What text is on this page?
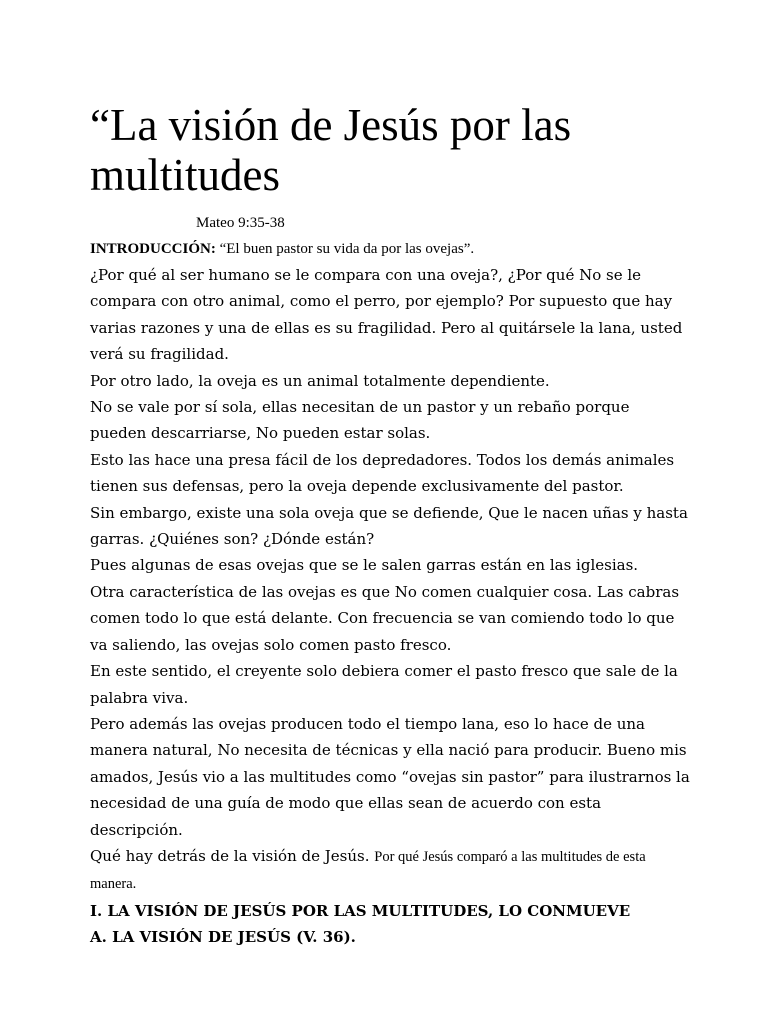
“La visión de Jesús por las multitudes
Mateo 9:35-38
INTRODUCCIÓN: “El buen pastor su vida da por las ovejas”.

¿Por qué al ser humano se le compara con una oveja?, ¿Por qué No se le compara con otro animal, como el perro, por ejemplo? Por supuesto que hay varias razones y una de ellas es su fragilidad. Pero al quitársele la lana, usted verá su fragilidad.

Por otro lado, la oveja es un animal totalmente dependiente.

No se vale por sí sola, ellas necesitan de un pastor y un rebaño porque pueden descarriarse, No pueden estar solas.

Esto las hace una presa fácil de los depredadores. Todos los demás animales tienen sus defensas, pero la oveja depende exclusivamente del pastor.

Sin embargo, existe una sola oveja que se defiende, Que le nacen uñas y hasta garras. ¿Quiénes son? ¿Dónde están?

Pues algunas de esas ovejas que se le salen garras están en las iglesias.

Otra característica de las ovejas es que No comen cualquier cosa. Las cabras comen todo lo que está delante. Con frecuencia se van comiendo todo lo que va saliendo, las ovejas solo comen pasto fresco.

En este sentido, el creyente solo debiera comer el pasto fresco que sale de la palabra viva.

Pero además las ovejas producen todo el tiempo lana, eso lo hace de una manera natural, No necesita de técnicas y ella nació para producir. Bueno mis amados, Jesús vio a las multitudes como “ovejas sin pastor” para ilustrarnos la necesidad de una guía de modo que ellas sean de acuerdo con esta descripción.

Qué hay detrás de la visión de Jesús. Por qué Jesús comparó a las multitudes de esta manera.

I. LA VISIÓN DE JESÚS POR LAS MULTITUDES, LO CONMUEVE

A. LA VISIÓN DE JESÚS (V. 36).
